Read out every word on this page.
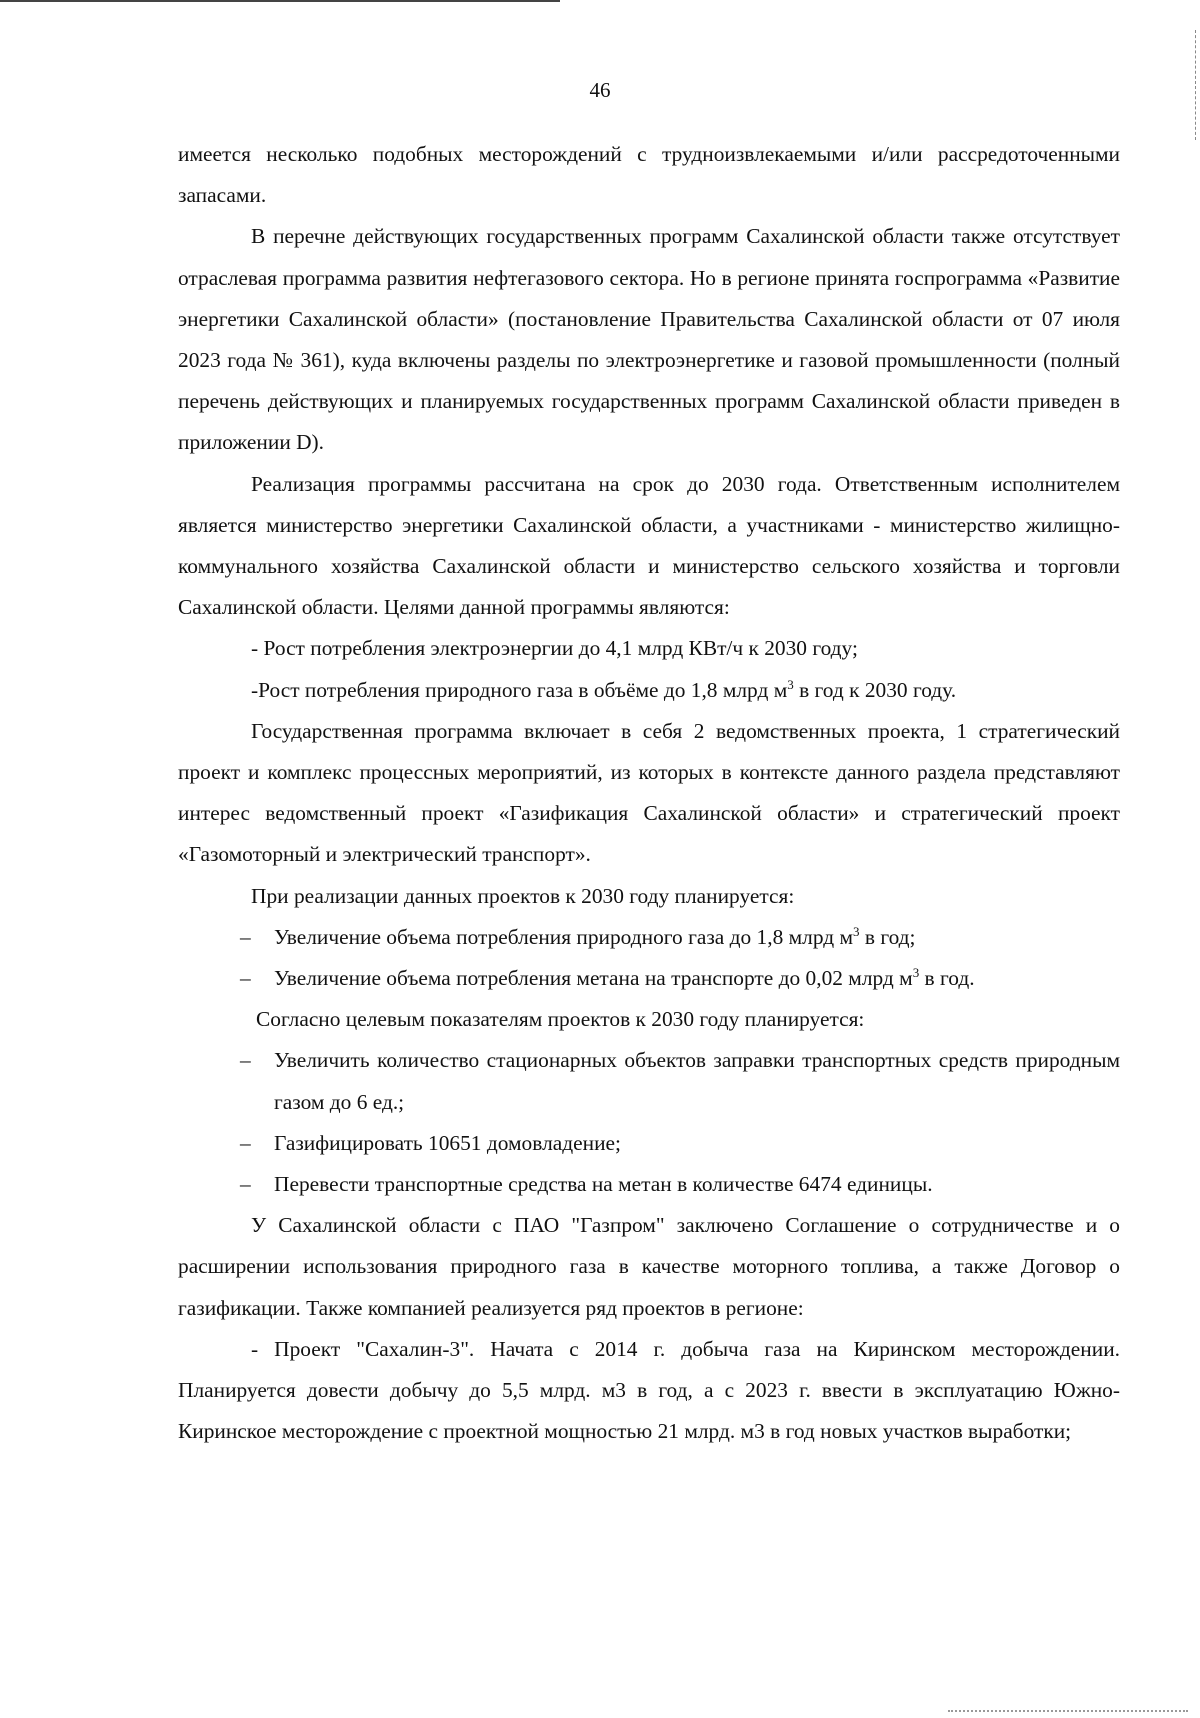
46

имеется несколько подобных месторождений с трудноизвлекаемыми и/или рассредоточенными запасами.

В перечне действующих государственных программ Сахалинской области также отсутствует отраслевая программа развития нефтегазового сектора. Но в регионе принята госпрограмма «Развитие энергетики Сахалинской области» (постановление Правительства Сахалинской области от 07 июля 2023 года № 361), куда включены разделы по электроэнергетике и газовой промышленности (полный перечень действующих и планируемых государственных программ Сахалинской области приведен в приложении D).

Реализация программы рассчитана на срок до 2030 года. Ответственным исполнителем является министерство энергетики Сахалинской области, а участниками - министерство жилищно-коммунального хозяйства Сахалинской области и министерство сельского хозяйства и торговли Сахалинской области. Целями данной программы являются:

- Рост потребления электроэнергии до 4,1 млрд КВт/ч к 2030 году;

-Рост потребления природного газа в объёме до 1,8 млрд $м^3$ в год к 2030 году.

Государственная программа включает в себя 2 ведомственных проекта, 1 стратегический проект и комплекс процессных мероприятий, из которых в контексте данного раздела представляют интерес ведомственный проект «Газификация Сахалинской области» и стратегический проект «Газомоторный и электрический транспорт».

При реализации данных проектов к 2030 году планируется:

– Увеличение объема потребления природного газа до 1,8 млрд $м^3$ в год;

– Увеличение объема потребления метана на транспорте до 0,02 млрд $м^3$ в год.

Согласно целевым показателям проектов к 2030 году планируется:

– Увеличить количество стационарных объектов заправки транспортных средств природным газом до 6 ед.;

– Газифицировать 10651 домовладение;

– Перевести транспортные средства на метан в количестве 6474 единицы.

У Сахалинской области с ПАО "Газпром" заключено Соглашение о сотрудничестве и о расширении использования природного газа в качестве моторного топлива, а также Договор о газификации. Также компанией реализуется ряд проектов в регионе:

- Проект "Сахалин-3". Начата с 2014 г. добыча газа на Киринском месторождении. Планируется довести добычу до 5,5 млрд. м3 в год, а с 2023 г. ввести в эксплуатацию Южно-Киринское месторождение с проектной мощностью 21 млрд. м3 в год новых участков выработки;
